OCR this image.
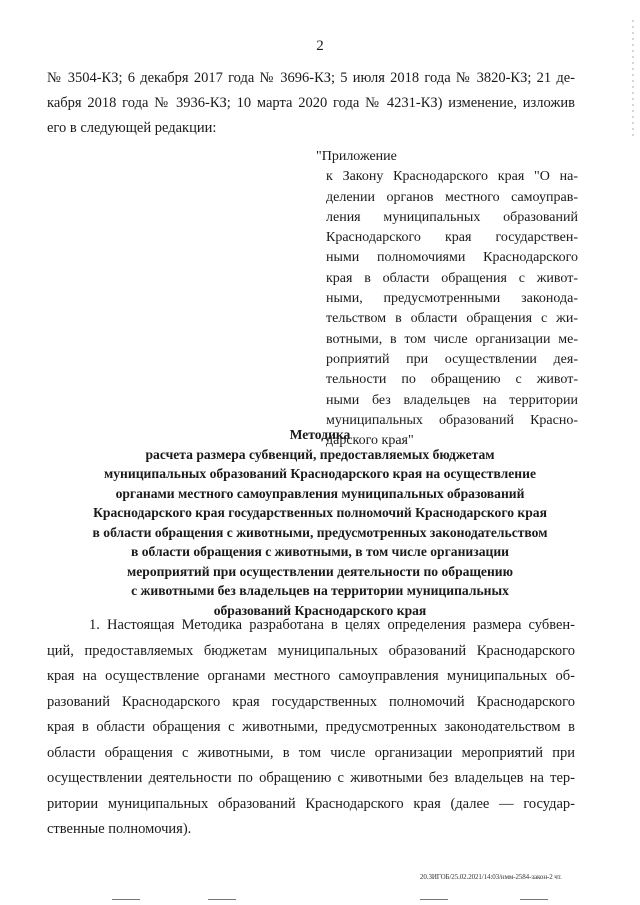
2
№ 3504-КЗ; 6 декабря 2017 года № 3696-КЗ; 5 июля 2018 года № 3820-КЗ; 21 де-
кабря 2018 года № 3936-КЗ; 10 марта 2020 года № 4231-КЗ) изменение, изложив
его в следующей редакции:
"Приложение
к Закону Краснодарского края "О на-
делении органов местного самоуправ-
ления муниципальных образований
Краснодарского края государствен-
ными полномочиями Краснодарского
края в области обращения с живот-
ными, предусмотренными законода-
тельством в области обращения с жи-
вотными, в том числе организации ме-
роприятий при осуществлении дея-
тельности по обращению с живот-
ными без владельцев на территории
муниципальных образований Красно-
дарского края"
Методика
расчета размера субвенций, предоставляемых бюджетам
муниципальных образований Краснодарского края на осуществление
органами местного самоуправления муниципальных образований
Краснодарского края государственных полномочий Краснодарского края
в области обращения с животными, предусмотренных законодательством
в области обращения с животными, в том числе организации
мероприятий при осуществлении деятельности по обращению
с животными без владельцев на территории муниципальных
образований Краснодарского края
1. Настоящая Методика разработана в целях определения размера субвен-
ций, предоставляемых бюджетам муниципальных образований Краснодарского
края на осуществление органами местного самоуправления муниципальных об-
разований Краснодарского края государственных полномочий Краснодарского
края в области обращения с животными, предусмотренных законодательством в
области обращения с животными, в том числе организации мероприятий при
осуществлении деятельности по обращению с животными без владельцев на тер-
ритории муниципальных образований Краснодарского края (далее — государ-
ственные полномочия).
20.3ИГОБ/25.02.2021/14:03/нмм-2584-закон-2 чт.
